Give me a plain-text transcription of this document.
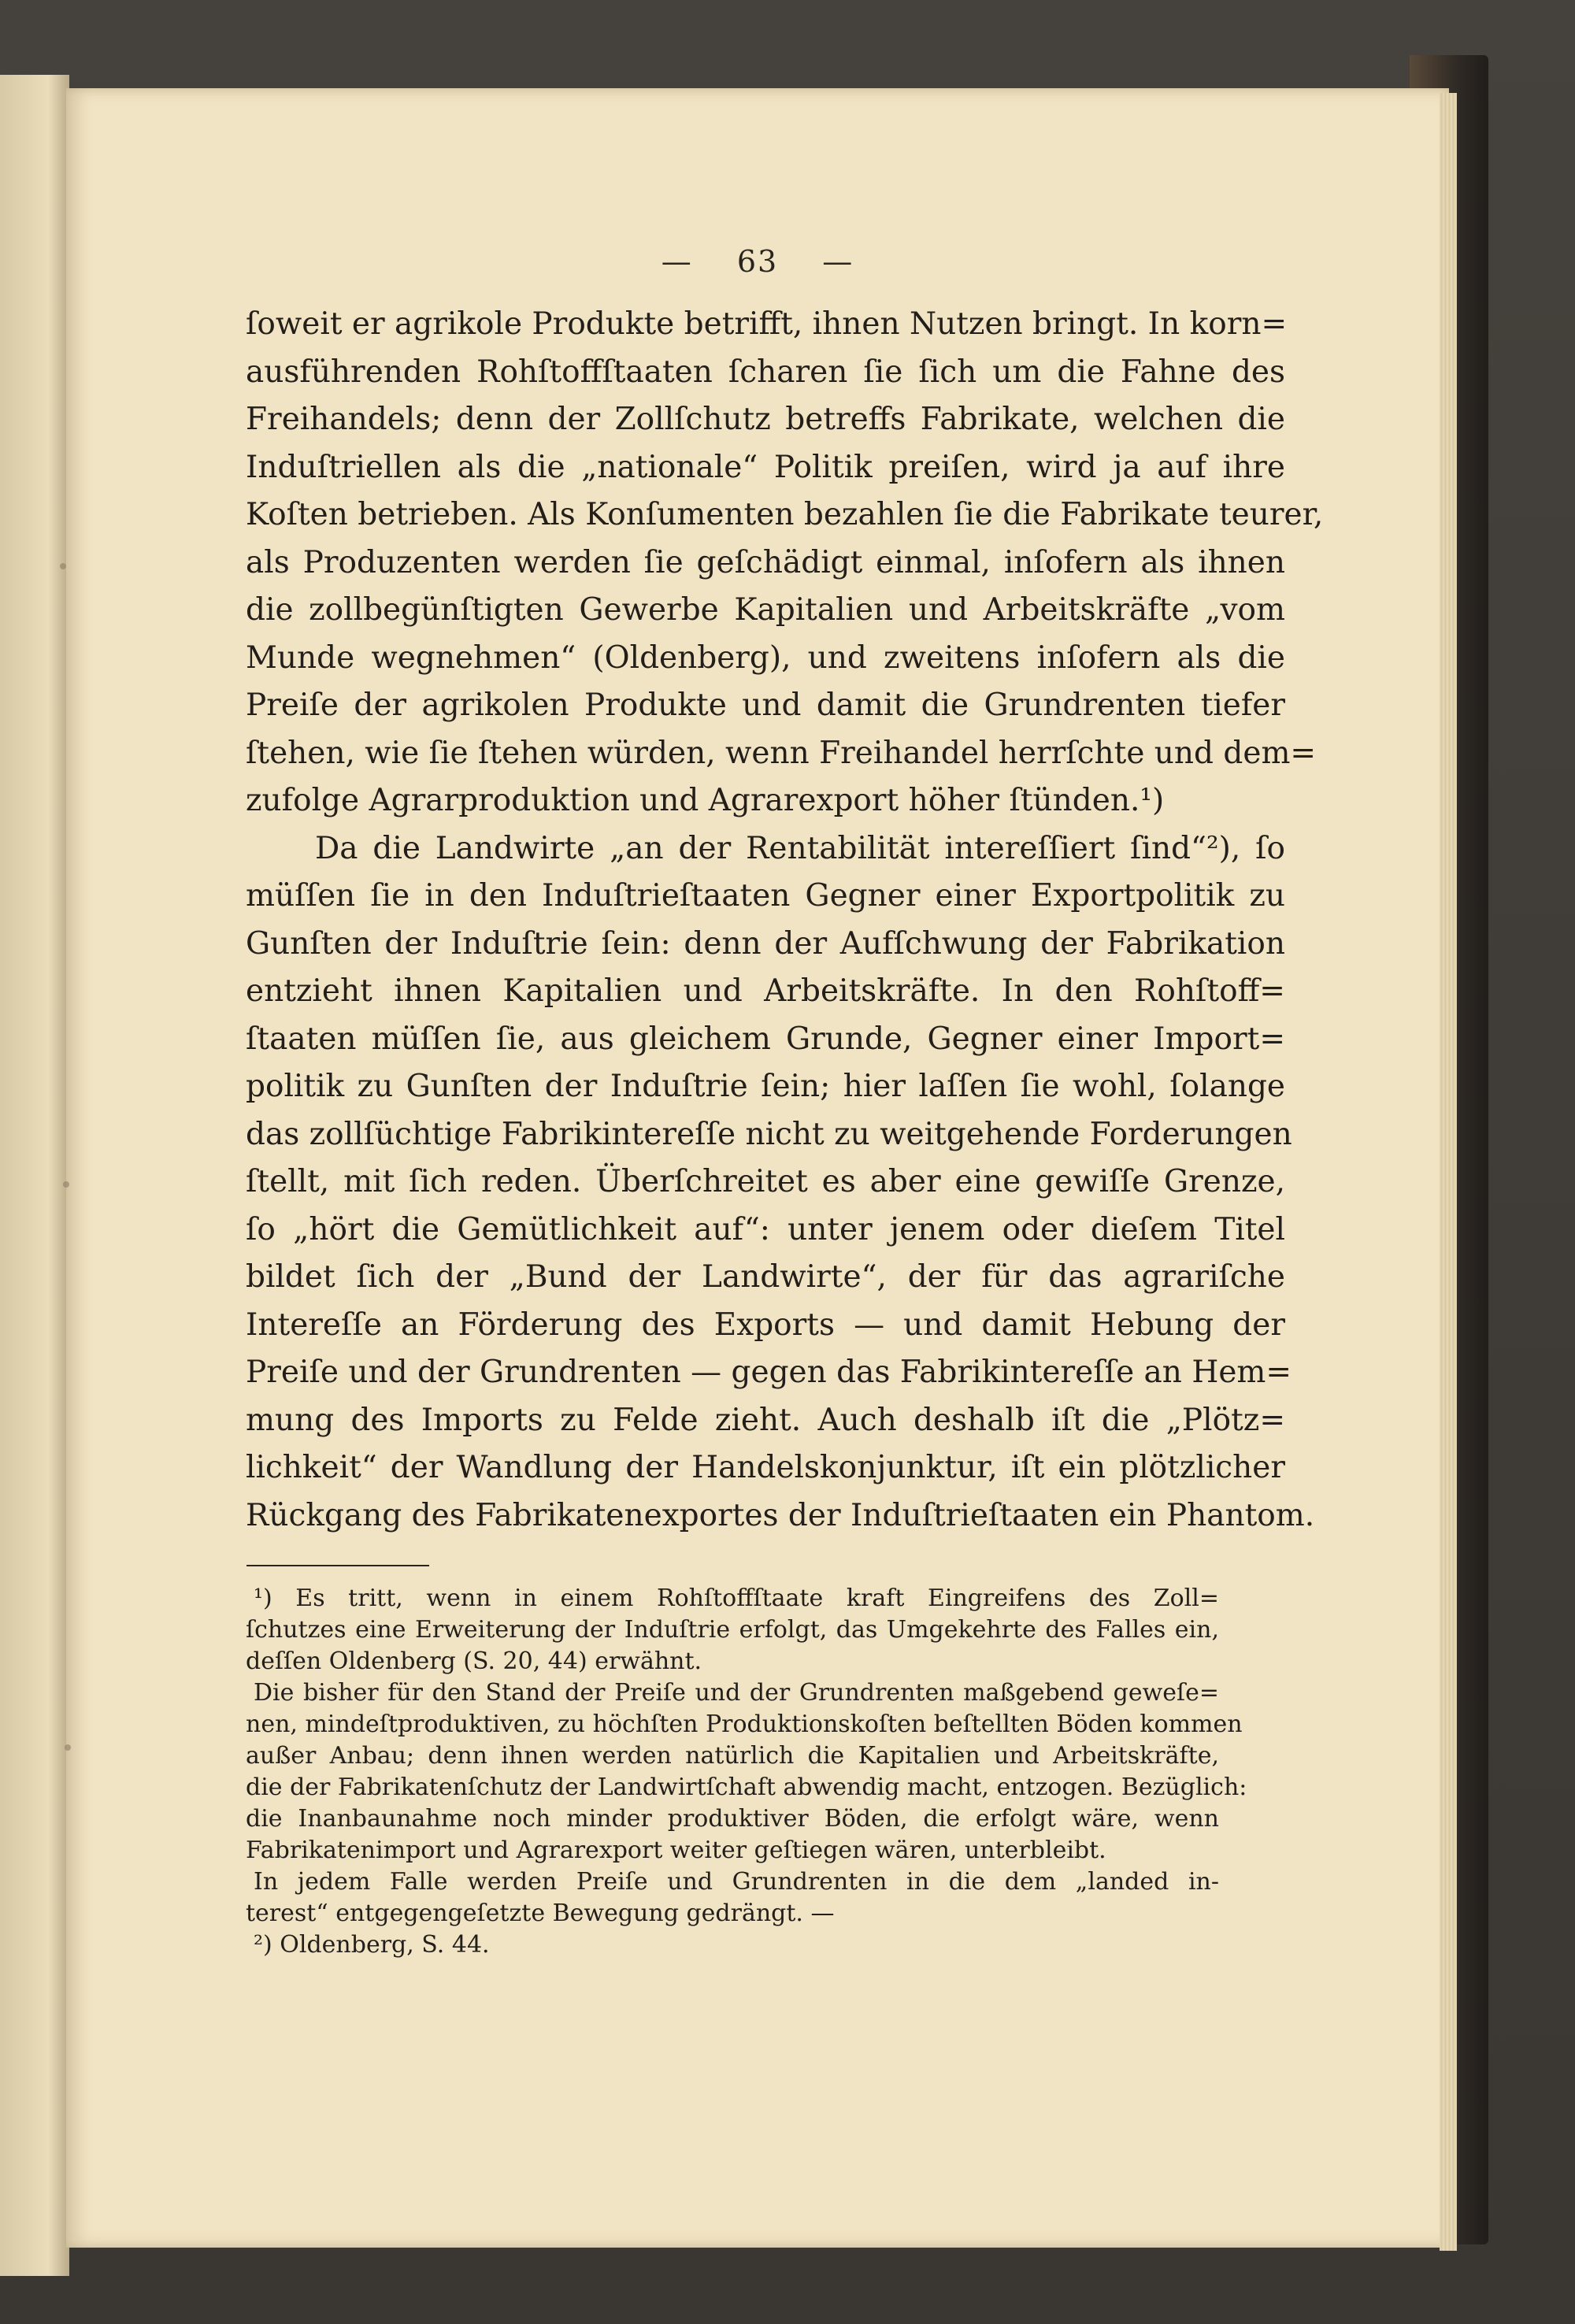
— 63 —
ſoweit er agrikole Produkte betrifft, ihnen Nutzen bringt. In korn=
ausführenden Rohſtoffſtaaten ſcharen ſie ſich um die Fahne des
Freihandels; denn der Zollſchutz betreffs Fabrikate, welchen die
Induſtriellen als die „nationale“ Politik preiſen, wird ja auf ihre
Koſten betrieben. Als Konſumenten bezahlen ſie die Fabrikate teurer,
als Produzenten werden ſie geſchädigt einmal, inſofern als ihnen
die zollbegünſtigten Gewerbe Kapitalien und Arbeitskräfte „vom
Munde wegnehmen“ (Oldenberg), und zweitens inſofern als die
Preiſe der agrikolen Produkte und damit die Grundrenten tiefer
ſtehen, wie ſie ſtehen würden, wenn Freihandel herrſchte und dem=
zufolge Agrarproduktion und Agrarexport höher ſtünden.¹)
Da die Landwirte „an der Rentabilität intereſſiert ſind“²), ſo
müſſen ſie in den Induſtrieſtaaten Gegner einer Exportpolitik zu
Gunſten der Induſtrie ſein: denn der Aufſchwung der Fabrikation
entzieht ihnen Kapitalien und Arbeitskräfte. In den Rohſtoff=
ſtaaten müſſen ſie, aus gleichem Grunde, Gegner einer Import=
politik zu Gunſten der Induſtrie ſein; hier laſſen ſie wohl, ſolange
das zollſüchtige Fabrikintereſſe nicht zu weitgehende Forderungen
ſtellt, mit ſich reden. Überſchreitet es aber eine gewiſſe Grenze,
ſo „hört die Gemütlichkeit auf“: unter jenem oder dieſem Titel
bildet ſich der „Bund der Landwirte“, der für das agrariſche
Intereſſe an Förderung des Exports — und damit Hebung der
Preiſe und der Grundrenten — gegen das Fabrikintereſſe an Hem=
mung des Imports zu Felde zieht. Auch deshalb iſt die „Plötz=
lichkeit“ der Wandlung der Handelskonjunktur, iſt ein plötzlicher
Rückgang des Fabrikatenexportes der Induſtrieſtaaten ein Phantom.
¹) Es tritt, wenn in einem Rohſtoffſtaate kraft Eingreifens des Zoll=
ſchutzes eine Erweiterung der Induſtrie erfolgt, das Umgekehrte des Falles ein,
deſſen Oldenberg (S. 20, 44) erwähnt.
Die bisher für den Stand der Preiſe und der Grundrenten maßgebend geweſe=
nen, mindeſtproduktiven, zu höchſten Produktionskoſten beſtellten Böden kommen
außer Anbau; denn ihnen werden natürlich die Kapitalien und Arbeitskräfte,
die der Fabrikatenſchutz der Landwirtſchaft abwendig macht, entzogen. Bezüglich:
die Inanbaunahme noch minder produktiver Böden, die erfolgt wäre, wenn
Fabrikatenimport und Agrarexport weiter geſtiegen wären, unterbleibt.
In jedem Falle werden Preiſe und Grundrenten in die dem „landed in-
terest“ entgegengeſetzte Bewegung gedrängt. —
²) Oldenberg, S. 44.
